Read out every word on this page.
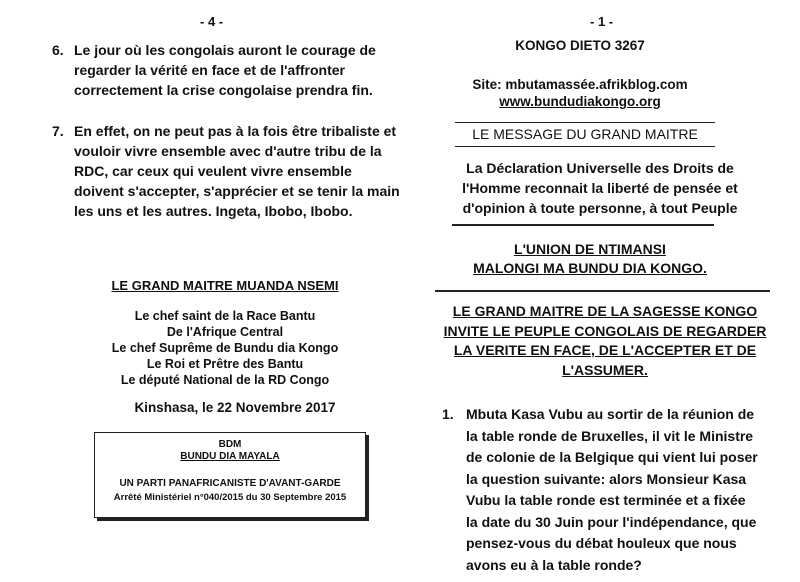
- 4 -
6. Le jour où les congolais auront le courage de regarder la vérité en face et de l'affronter correctement la crise congolaise prendra fin.
7. En effet, on ne peut pas à la fois être tribaliste et vouloir vivre ensemble avec d'autre tribu de la RDC, car ceux qui veulent vivre ensemble doivent s'accepter, s'apprécier et se tenir la main les uns et les autres. Ingeta, Ibobo, Ibobo.
LE GRAND MAITRE MUANDA NSEMI
Le chef saint de la Race Bantu
De l'Afrique Central
Le chef Suprême de Bundu dia Kongo
Le Roi et Prêtre des Bantu
Le député National de la RD Congo
Kinshasa, le 22 Novembre 2017
BDM
BUNDU DIA MAYALA
UN PARTI PANAFRICANISTE D'AVANT-GARDE
Arrêté Ministériel n°040/2015 du 30 Septembre 2015
- 1 -
KONGO DIETO 3267
Site: mbutamassée.afrikblog.com
www.bundudiakongo.org
LE MESSAGE DU GRAND MAITRE
La Déclaration Universelle des Droits de
l'Homme reconnait la liberté de pensée et
d'opinion à toute personne, à tout Peuple
L'UNION DE NTIMANSI
MALONGI MA BUNDU DIA KONGO.
LE GRAND MAITRE DE LA SAGESSE KONGO
INVITE LE PEUPLE CONGOLAIS DE REGARDER
LA VERITE EN FACE, DE L'ACCEPTER ET DE
L'ASSUMER.
1. Mbuta Kasa Vubu au sortir de la réunion de
la table ronde de Bruxelles, il vit le Ministre
de colonie de la Belgique qui vient lui poser
la question suivante: alors Monsieur Kasa
Vubu la table ronde est terminée et a fixée
la date du 30 Juin pour l'indépendance, que
pensez-vous du débat houleux que nous
avons eu à la table ronde?
